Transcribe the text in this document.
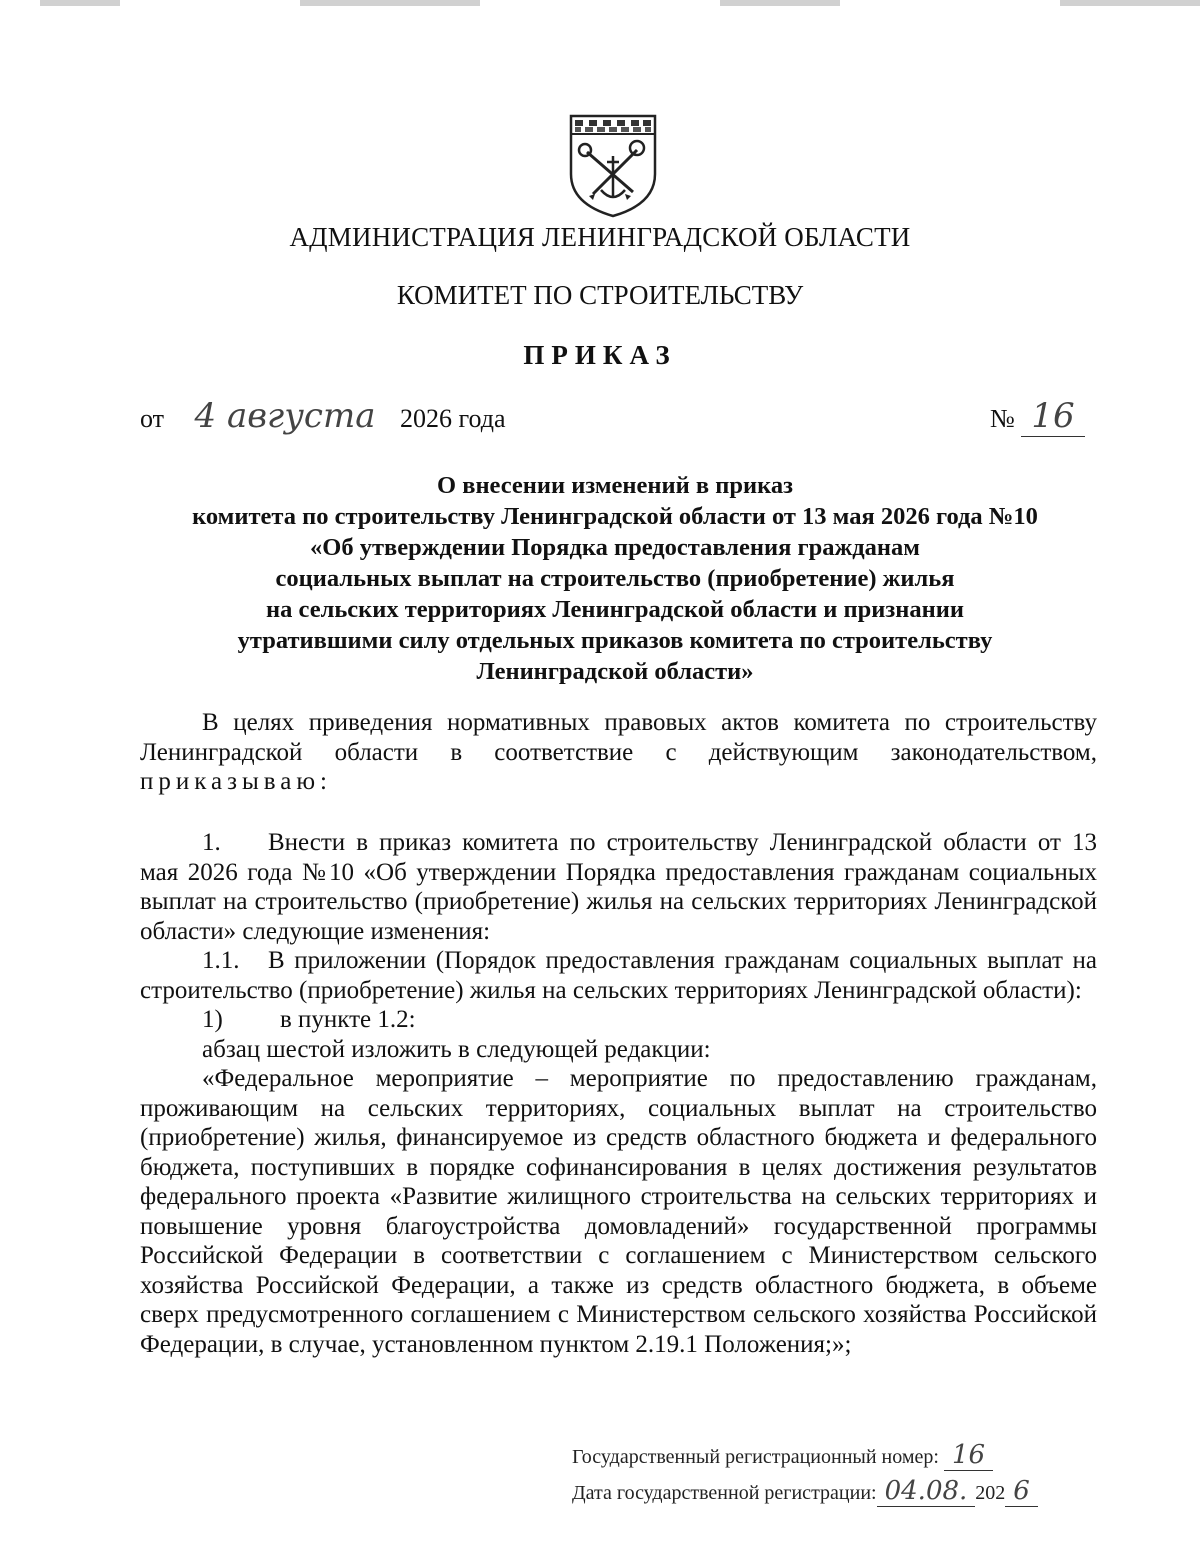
АДМИНИСТРАЦИЯ ЛЕНИНГРАДСКОЙ ОБЛАСТИ
КОМИТЕТ ПО СТРОИТЕЛЬСТВУ
ПРИКАЗ
от 4 августа 2026 года	№ 16
О внесении изменений в приказ
комитета по строительству Ленинградской области от 13 мая 2026 года №10
«Об утверждении Порядка предоставления гражданам
социальных выплат на строительство (приобретение) жилья
на сельских территориях Ленинградской области и признании
утратившими силу отдельных приказов комитета по строительству
Ленинградской области»

В целях приведения нормативных правовых актов комитета по строительству Ленинградской области в соответствие с действующим законодательством, приказываю:

1. Внести в приказ комитета по строительству Ленинградской области от 13 мая 2026 года №10 «Об утверждении Порядка предоставления гражданам социальных выплат на строительство (приобретение) жилья на сельских территориях Ленинградской области» следующие изменения:

1.1. В приложении (Порядок предоставления гражданам социальных выплат на строительство (приобретение) жилья на сельских территориях Ленинградской области):

1) в пункте 1.2:

абзац шестой изложить в следующей редакции:

«Федеральное мероприятие – мероприятие по предоставлению гражданам, проживающим на сельских территориях, социальных выплат на строительство (приобретение) жилья, финансируемое из средств областного бюджета и федерального бюджета, поступивших в порядке софинансирования в целях достижения результатов федерального проекта «Развитие жилищного строительства на сельских территориях и повышение уровня благоустройства домовладений» государственной программы Российской Федерации в соответствии с соглашением с Министерством сельского хозяйства Российской Федерации, а также из средств областного бюджета, в объеме сверх предусмотренного соглашением с Министерством сельского хозяйства Российской Федерации, в случае, установленном пунктом 2.19.1 Положения;»;

Государственный регистрационный номер: 16
Дата государственной регистрации: 04.08. 202 6
